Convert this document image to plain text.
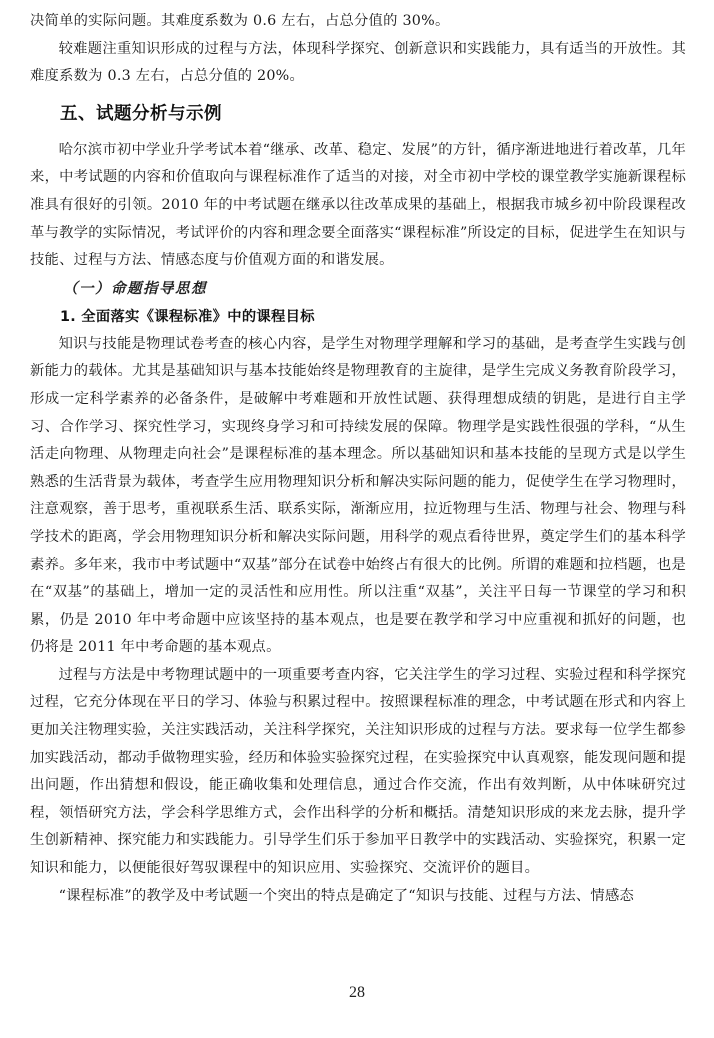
决简单的实际问题。其难度系数为 0.6 左右，占总分值的 30%。

较难题注重知识形成的过程与方法，体现科学探究、创新意识和实践能力，具有适当的开放性。其难度系数为 0.3 左右，占总分值的 20%。

五、试题分析与示例

哈尔滨市初中学业升学考试本着“继承、改革、稳定、发展”的方针，循序渐进地进行着改革，几年来，中考试题的内容和价值取向与课程标准作了适当的对接，对全市初中学校的课堂教学实施新课程标准具有很好的引领。2010 年的中考试题在继承以往改革成果的基础上，根据我市城乡初中阶段课程改革与教学的实际情况，考试评价的内容和理念要全面落实“课程标准”所设定的目标，促进学生在知识与技能、过程与方法、情感态度与价值观方面的和谐发展。

（一）命题指导思想
1. 全面落实《课程标准》中的课程目标

知识与技能是物理试卷考查的核心内容，是学生对物理学理解和学习的基础，是考查学生实践与创新能力的载体。尤其是基础知识与基本技能始终是物理教育的主旋律，是学生完成义务教育阶段学习，形成一定科学素养的必备条件，是破解中考难题和开放性试题、获得理想成绩的钥匙，是进行自主学习、合作学习、探究性学习，实现终身学习和可持续发展的保障。物理学是实践性很强的学科，“从生活走向物理、从物理走向社会”是课程标准的基本理念。所以基础知识和基本技能的呈现方式是以学生熟悉的生活背景为载体，考查学生应用物理知识分析和解决实际问题的能力，促使学生在学习物理时，注意观察，善于思考，重视联系生活、联系实际，渐渐应用，拉近物理与生活、物理与社会、物理与科学技术的距离，学会用物理知识分析和解决实际问题，用科学的观点看待世界，奠定学生们的基本科学素养。多年来，我市中考试题中“双基”部分在试卷中始终占有很大的比例。所谓的难题和拉档题，也是在“双基”的基础上，增加一定的灵活性和应用性。所以注重“双基”，关注平日每一节课堂的学习和积累，仍是 2010 年中考命题中应该坚持的基本观点，也是要在教学和学习中应重视和抓好的问题，也仍将是 2011 年中考命题的基本观点。

过程与方法是中考物理试题中的一项重要考查内容，它关注学生的学习过程、实验过程和科学探究过程，它充分体现在平日的学习、体验与积累过程中。按照课程标准的理念，中考试题在形式和内容上更加关注物理实验，关注实践活动，关注科学探究，关注知识形成的过程与方法。要求每一位学生都参加实践活动，都动手做物理实验，经历和体验实验探究过程，在实验探究中认真观察，能发现问题和提出问题，作出猜想和假设，能正确收集和处理信息，通过合作交流，作出有效判断，从中体味研究过程，领悟研究方法，学会科学思维方式，会作出科学的分析和概括。清楚知识形成的来龙去脉，提升学生创新精神、探究能力和实践能力。引导学生们乐于参加平日教学中的实践活动、实验探究，积累一定知识和能力，以便能很好驾驭课程中的知识应用、实验探究、交流评价的题目。

“课程标准”的教学及中考试题一个突出的特点是确定了“知识与技能、过程与方法、情感态

28
